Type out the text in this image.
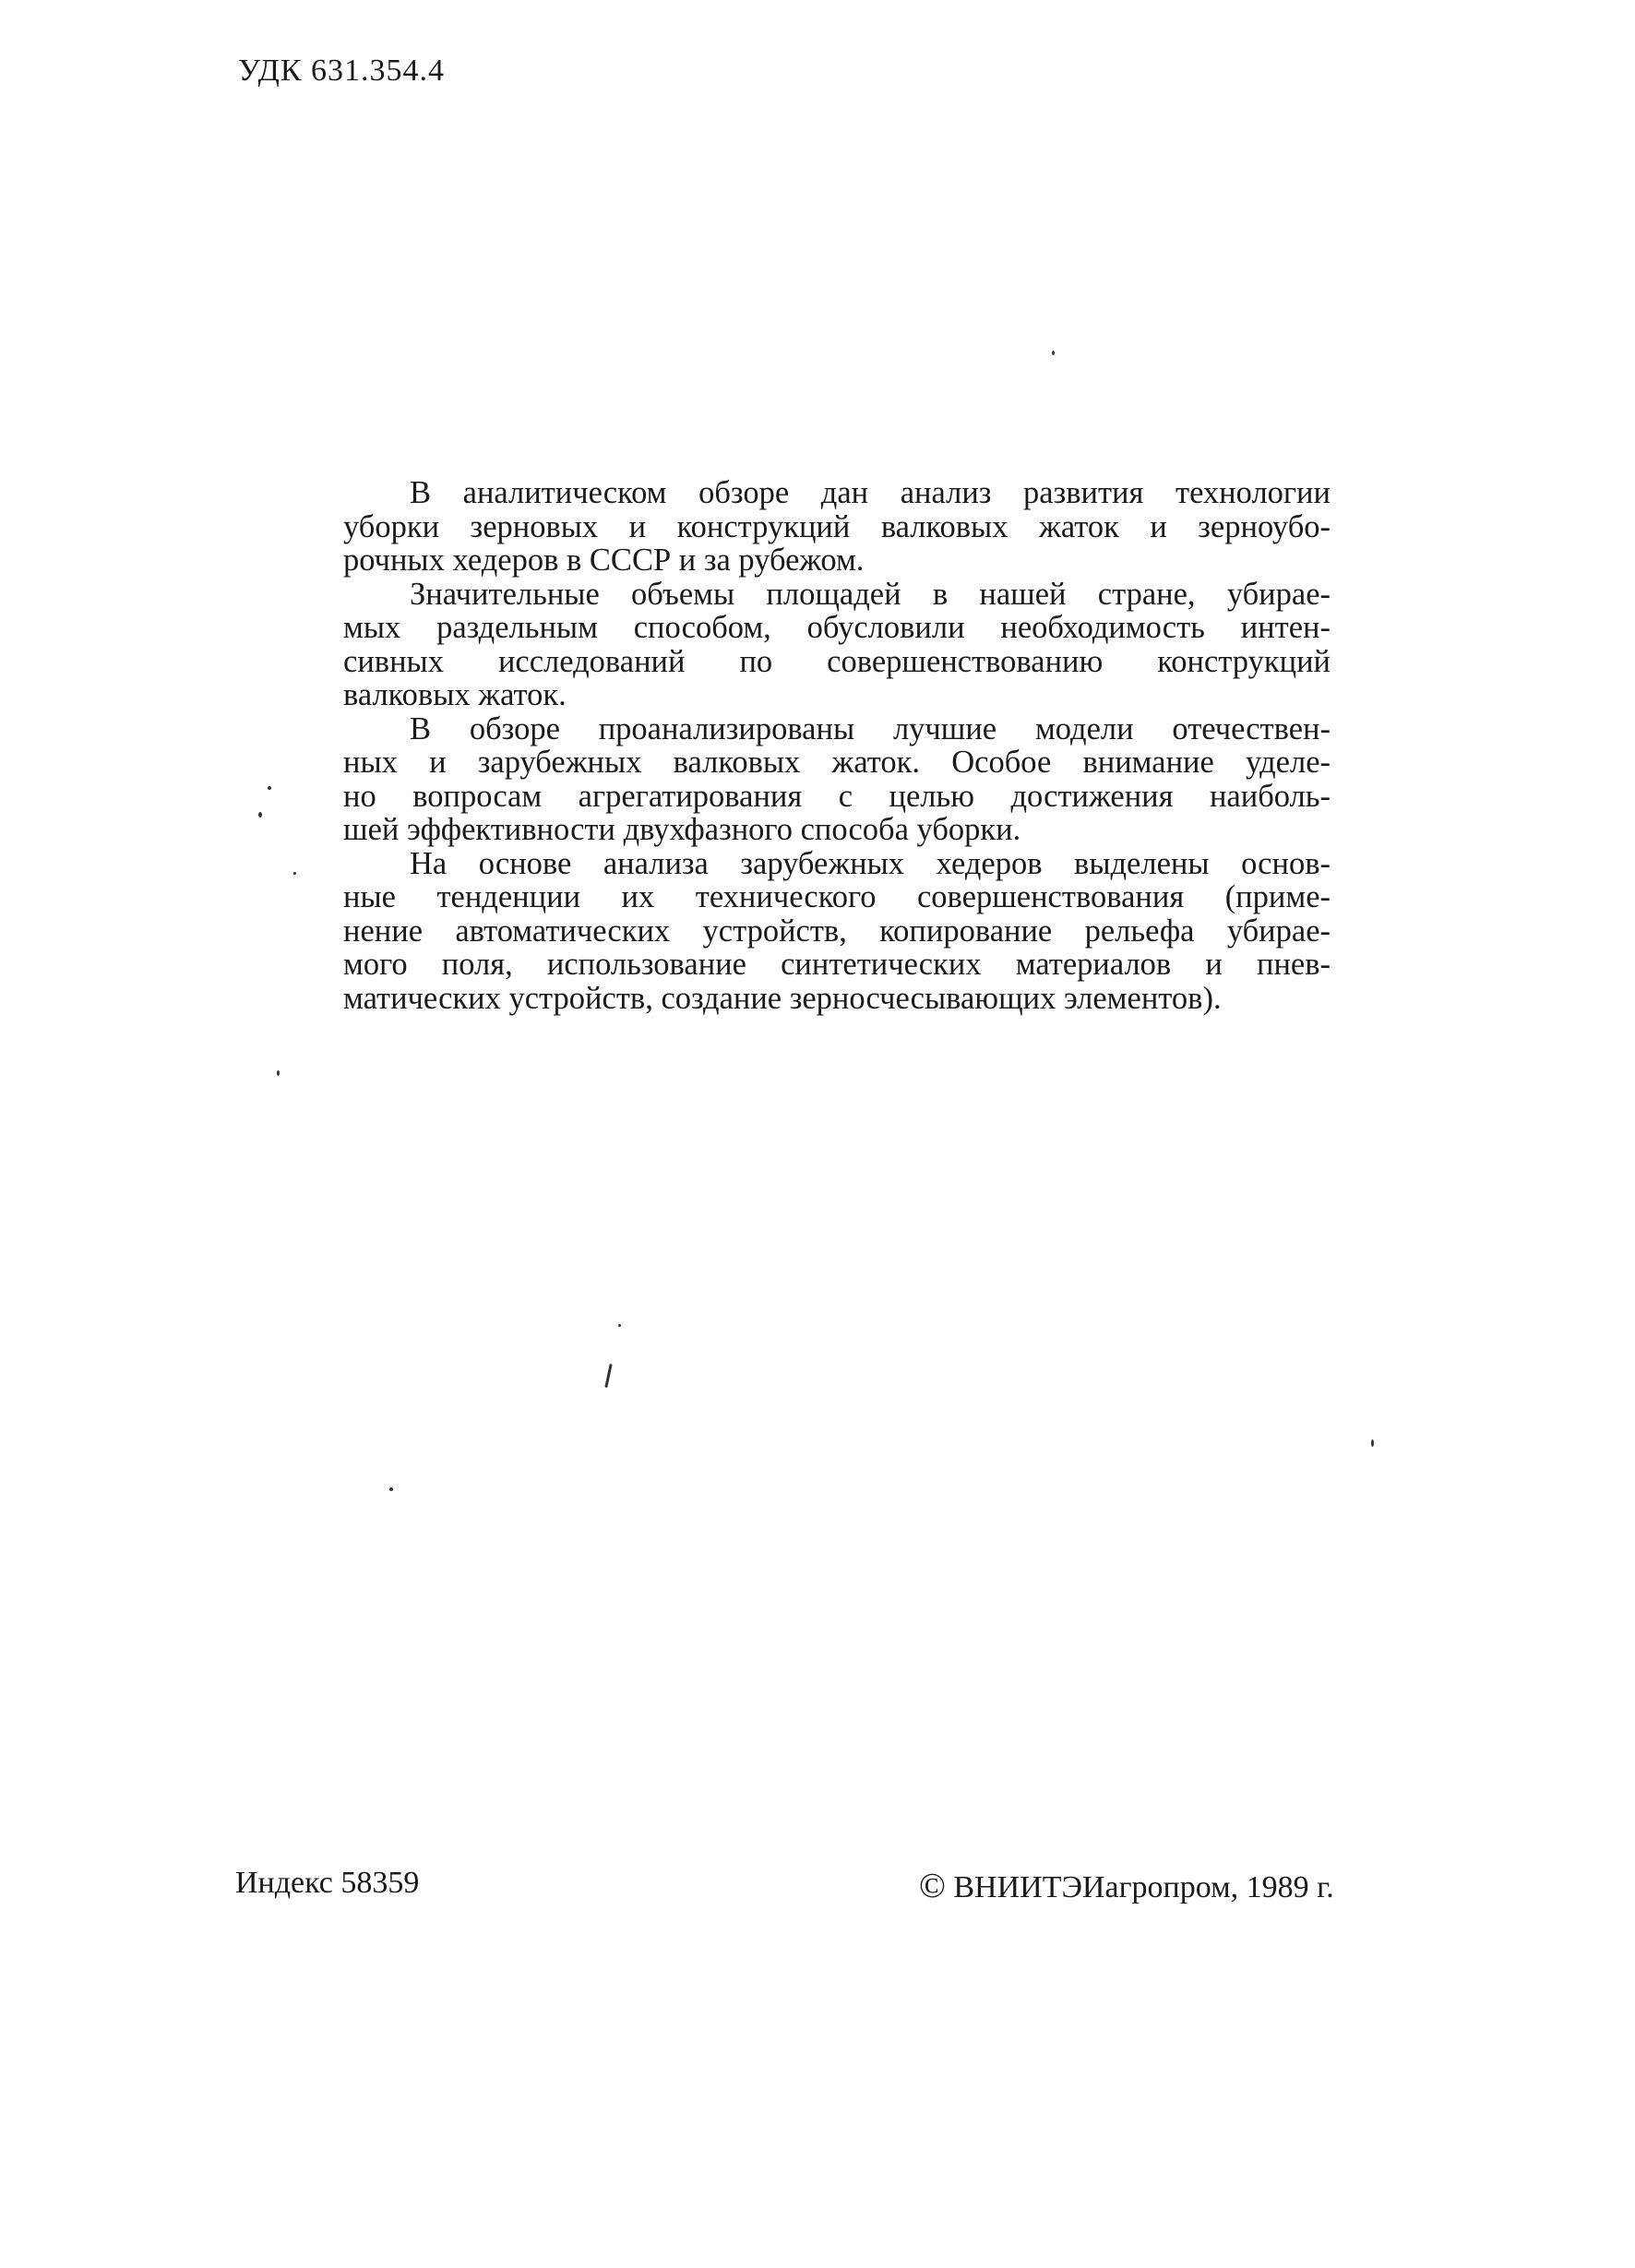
УДК 631.354.4
В аналитическом обзоре дан анализ развития технологии
уборки зерновых и конструкций валковых жаток и зерноубо-
рочных хедеров в СССР и за рубежом.
Значительные объемы площадей в нашей стране, убирае-
мых раздельным способом, обусловили необходимость интен-
сивных исследований по совершенствованию конструкций
валковых жаток.
В обзоре проанализированы лучшие модели отечествен-
ных и зарубежных валковых жаток. Особое внимание уделе-
но вопросам агрегатирования с целью достижения наиболь-
шей эффективности двухфазного способа уборки.
На основе анализа зарубежных хедеров выделены основ-
ные тенденции их технического совершенствования (приме-
нение автоматических устройств, копирование рельефа убирае-
мого поля, использование синтетических материалов и пнев-
матических устройств, создание зерносчесывающих элементов).
Индекс 58359	© ВНИИТЭИагропром, 1989 г.
